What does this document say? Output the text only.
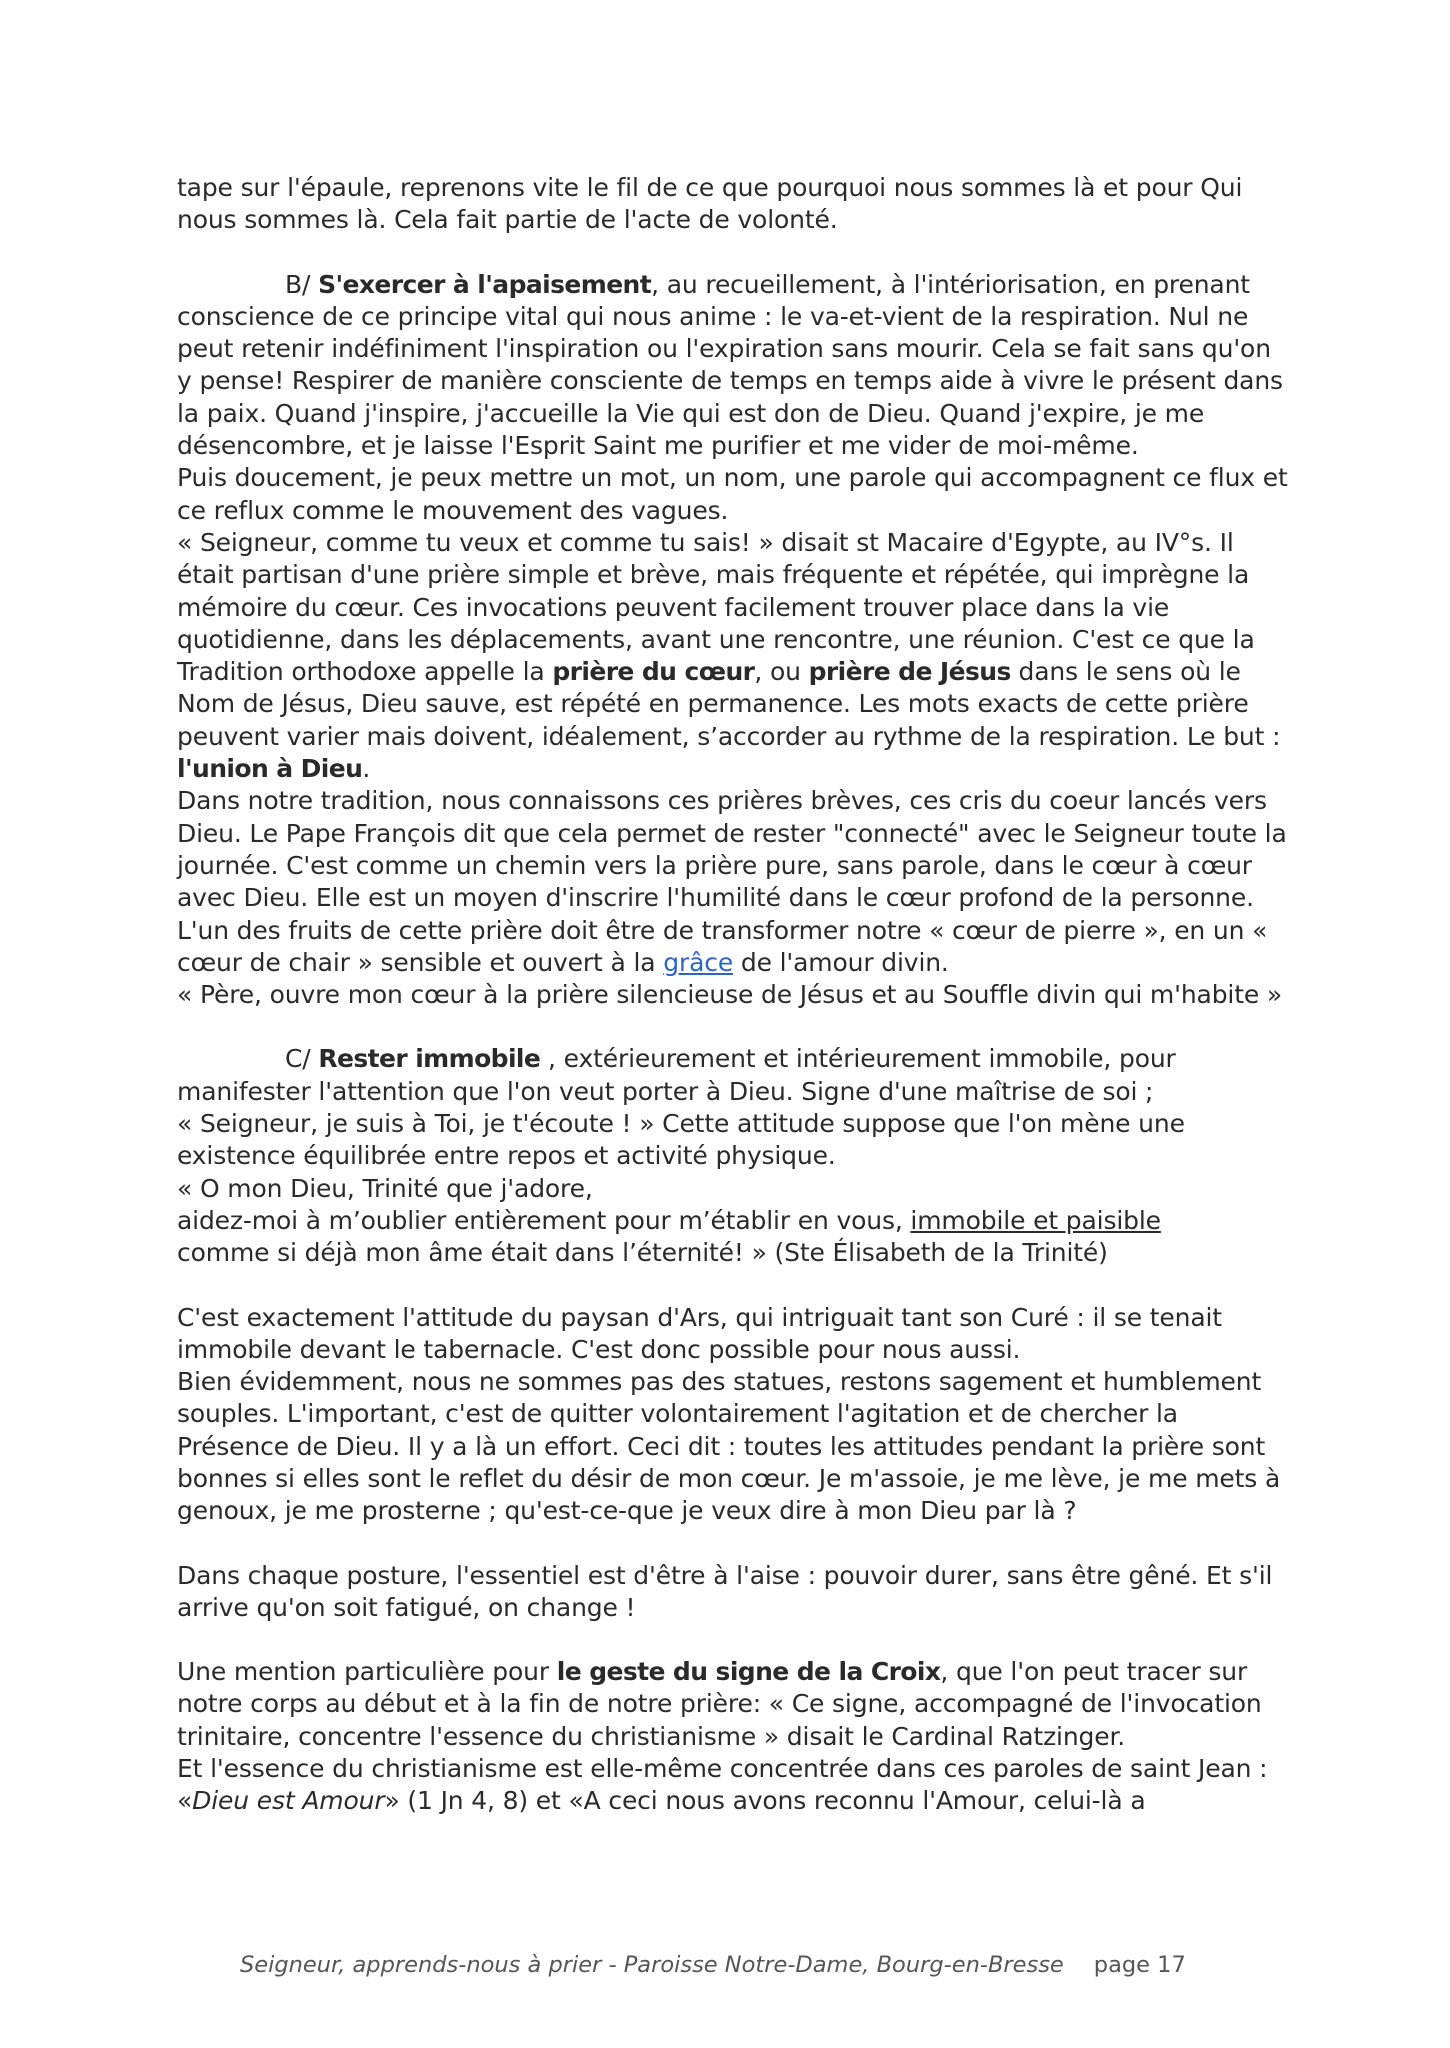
tape sur l'épaule, reprenons vite le fil de ce que pourquoi nous sommes là et pour Qui nous sommes là. Cela fait partie de l'acte de volonté.

B/ S'exercer à l'apaisement, au recueillement, à l'intériorisation, en prenant conscience de ce principe vital qui nous anime : le va-et-vient de la respiration. Nul ne peut retenir indéfiniment l'inspiration ou l'expiration sans mourir. Cela se fait sans qu'on y pense! Respirer de manière consciente de temps en temps aide à vivre le présent dans la paix. Quand j'inspire, j'accueille la Vie qui est don de Dieu. Quand j'expire, je me désencombre, et je laisse l'Esprit Saint me purifier et me vider de moi-même.

Puis doucement, je peux mettre un mot, un nom, une parole qui accompagnent ce flux et ce reflux comme le mouvement des vagues.

« Seigneur, comme tu veux et comme tu sais! » disait st Macaire d'Egypte, au IV°s. Il était partisan d'une prière simple et brève, mais fréquente et répétée, qui imprègne la mémoire du cœur. Ces invocations peuvent facilement trouver place dans la vie quotidienne, dans les déplacements, avant une rencontre, une réunion. C'est ce que la Tradition orthodoxe appelle la prière du cœur, ou prière de Jésus dans le sens où le Nom de Jésus, Dieu sauve, est répété en permanence. Les mots exacts de cette prière peuvent varier mais doivent, idéalement, s’accorder au rythme de la respiration. Le but : l'union à Dieu.

Dans notre tradition, nous connaissons ces prières brèves, ces cris du coeur lancés vers Dieu. Le Pape François dit que cela permet de rester "connecté" avec le Seigneur toute la journée. C'est comme un chemin vers la prière pure, sans parole, dans le cœur à cœur avec Dieu. Elle est un moyen d'inscrire l'humilité dans le cœur profond de la personne. L'un des fruits de cette prière doit être de transformer notre « cœur de pierre », en un « cœur de chair » sensible et ouvert à la grâce de l'amour divin.

« Père, ouvre mon cœur à la prière silencieuse de Jésus et au Souffle divin qui m'habite »

C/ Rester immobile , extérieurement et intérieurement immobile, pour manifester l'attention que l'on veut porter à Dieu. Signe d'une maîtrise de soi ;

« Seigneur, je suis à Toi, je t'écoute ! » Cette attitude suppose que l'on mène une existence équilibrée entre repos et activité physique.

« O mon Dieu, Trinité que j'adore,

aidez-moi à m’oublier entièrement pour m’établir en vous, immobile et paisible

comme si déjà mon âme était dans l’éternité! » (Ste Élisabeth de la Trinité)

C'est exactement l'attitude du paysan d'Ars, qui intriguait tant son Curé : il se tenait immobile devant le tabernacle. C'est donc possible pour nous aussi.

Bien évidemment, nous ne sommes pas des statues, restons sagement et humblement souples. L'important, c'est de quitter volontairement l'agitation et de chercher la Présence de Dieu. Il y a là un effort. Ceci dit : toutes les attitudes pendant la prière sont bonnes si elles sont le reflet du désir de mon cœur. Je m'assoie, je me lève, je me mets à genoux, je me prosterne ; qu'est-ce-que je veux dire à mon Dieu par là ?

Dans chaque posture, l'essentiel est d'être à l'aise : pouvoir durer, sans être gêné. Et s'il arrive qu'on soit fatigué, on change !

Une mention particulière pour le geste du signe de la Croix, que l'on peut tracer sur notre corps au début et à la fin de notre prière: « Ce signe, accompagné de l'invocation trinitaire, concentre l'essence du christianisme » disait le Cardinal Ratzinger.

Et l'essence du christianisme est elle-même concentrée dans ces paroles de saint Jean : «Dieu est Amour» (1 Jn 4, 8) et «A ceci nous avons reconnu l'Amour, celui-là a

Seigneur, apprends-nous à prier - Paroisse Notre-Dame, Bourg-en-Bresse page 17
